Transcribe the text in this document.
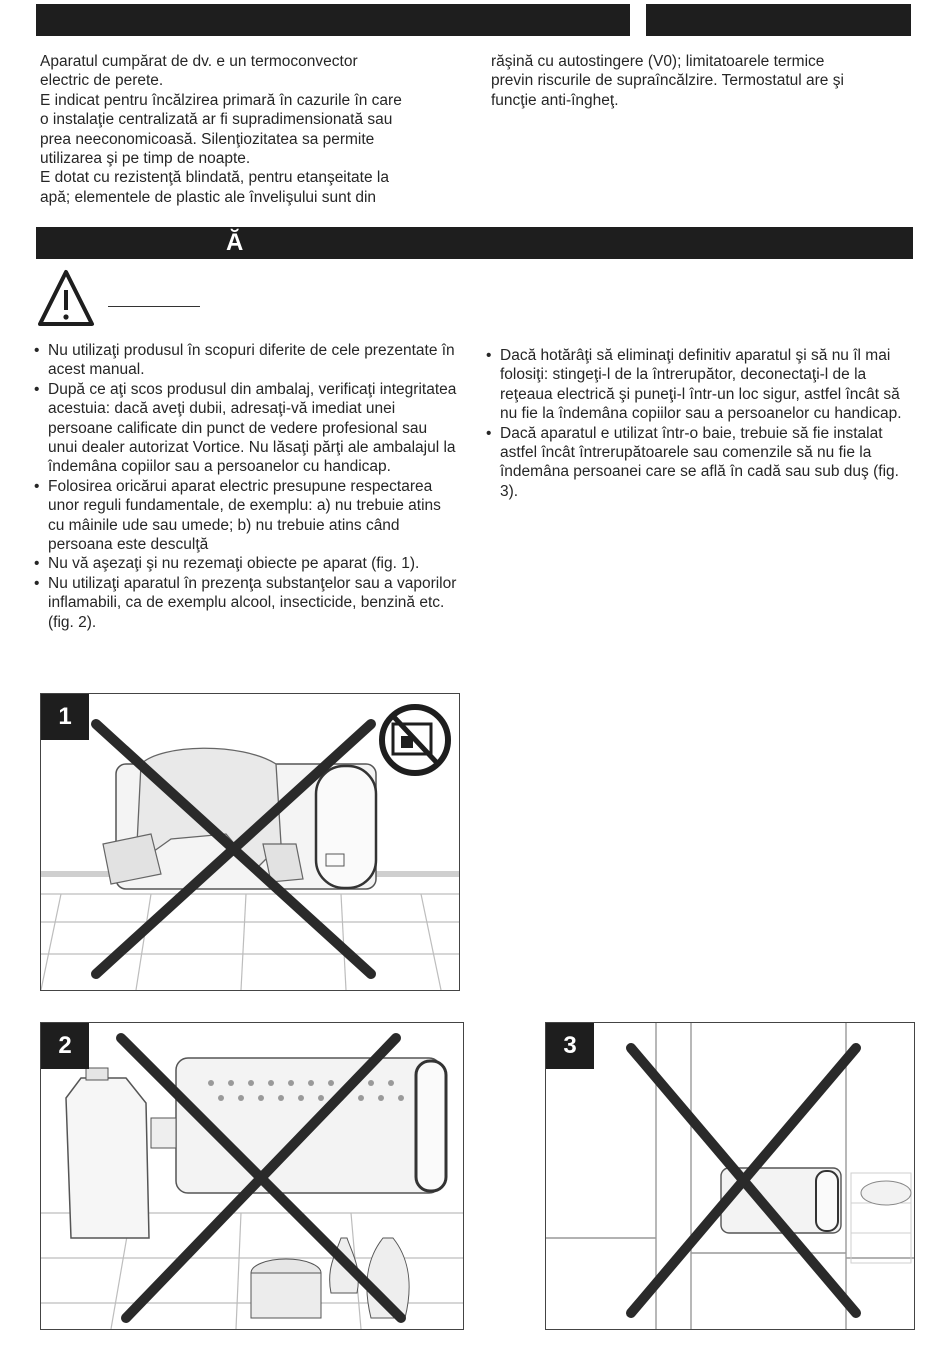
Aparatul cumpărat de dv. e un termoconvector

electric de perete.

E indicat pentru încălzirea primară în cazurile în care

o instalaţie centralizată ar fi supradimensionată sau

prea neeconomicoasă. Silenţiozitatea sa permite

utilizarea şi pe timp de noapte.

E dotat cu rezistenţă blindată, pentru etanşeitate la

apă; elementele de plastic ale învelişului sunt din

răşină cu autostingere (V0); limitatoarele termice

previn riscurile de supraîncălzire. Termostatul are şi

funcţie anti-îngheţ.

Ă
• Nu utilizaţi produsul în scopuri diferite de cele prezentate în acest manual.
• După ce aţi scos produsul din ambalaj, verificaţi integritatea acestuia: dacă aveţi dubii, adresaţi-vă imediat unei persoane calificate din punct de vedere profesional sau unui dealer autorizat Vortice. Nu lăsaţi părţi ale ambalajul la îndemâna copiilor sau a persoanelor cu handicap.
• Folosirea oricărui aparat electric presupune respectarea unor reguli fundamentale, de exemplu: a) nu trebuie atins cu mâinile ude sau umede; b) nu trebuie atins când persoana este desculţă
• Nu vă aşezaţi şi nu rezemaţi obiecte pe aparat (fig. 1).
• Nu utilizaţi aparatul în prezenţa substanţelor sau a vaporilor inflamabili, ca de exemplu alcool, insecticide, benzină etc. (fig. 2).
• Dacă hotărâţi să eliminaţi definitiv aparatul şi să nu îl mai folosiţi: stingeţi-l de la întrerupător, deconectaţi-l de la reţeaua electrică şi puneţi-l într-un loc sigur, astfel încât să nu fie la îndemâna copiilor sau a persoanelor cu handicap.
• Dacă aparatul e utilizat într-o baie, trebuie să fie instalat astfel încât întrerupătoarele sau comenzile să nu fie la îndemâna persoanei care se află în cadă sau sub duş (fig. 3).
1
2	3
